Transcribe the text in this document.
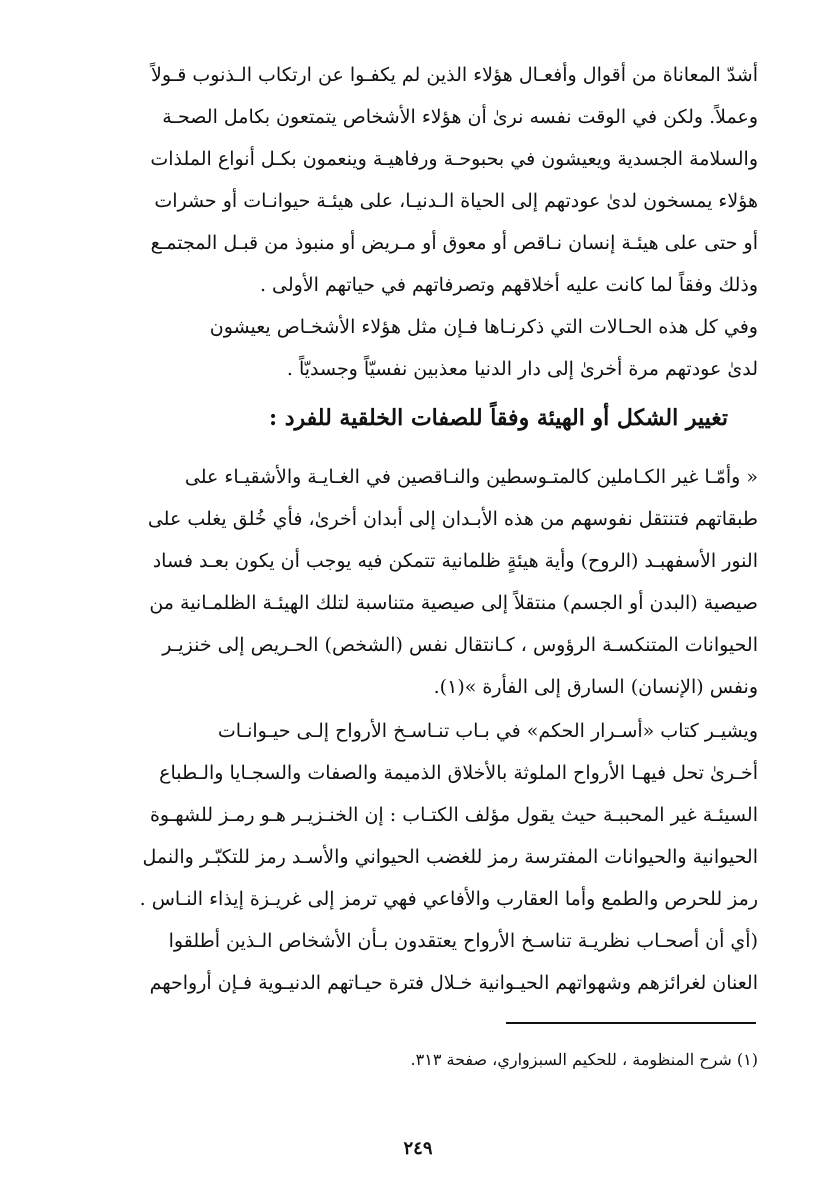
أشدّ المعاناة من أقوال وأفعـال هؤلاء الذين لم يكفـوا عن ارتكاب الـذنوب قـولاً
وعملاً. ولكن في الوقت نفسه نرىٰ أن هؤلاء الأشخاص يتمتعون بكامل الصحـة
والسلامة الجسدية ويعيشون في بحبوحـة ورفاهيـة وينعمون بكـل أنواع الملذات
هؤلاء يمسخون لدىٰ عودتهم إلى الحياة الـدنيـا، على هيئـة حيوانـات أو حشرات
أو حتى على هيئـة إنسان نـاقص أو معوق أو مـريض أو منبوذ من قبـل المجتمـع
وذلك وفقاً لما كانت عليه أخلاقهم وتصرفاتهم في حياتهم الأولى .
وفي كل هذه الحـالات التي ذكرنـاها فـإن مثل هؤلاء الأشخـاص يعيشون
لدىٰ عودتهم مرة أخرىٰ إلى دار الدنيا معذبين نفسيّاً وجسديّاً .
تغيير الشكل أو الهيئة وفقاً للصفات الخلقية للفرد :
« وأمّـا غير الكـاملين كالمتـوسطين والنـاقصين في الغـايـة والأشقيـاء على
طبقاتهم فتنتقل نفوسهم من هذه الأبـدان إلى أبدان أخرىٰ، فأي خُلق يغلب على
النور الأسفهبـد (الروح) وأية هيئةٍ ظلمانية تتمكن فيه يوجب أن يكون بعـد فساد
صيصية (البدن أو الجسم) منتقلاً إلى صيصية متناسبة لتلك الهيئـة الظلمـانية من
الحيوانات المتنكسـة الرؤوس ، كـانتقال نفس (الشخص) الحـريص إلى خنزيـر
ونفس (الإنسان) السارق إلى الفأرة »(١).
ويشيـر كتاب «أسـرار الحكم» في بـاب تنـاسـخ الأرواح إلـى حيـوانـات
أخـرىٰ تحل فيهـا الأرواح الملوثة بالأخلاق الذميمة والصفات والسجـايا والـطباع
السيئـة غير المحببـة حيث يقول مؤلف الكتـاب : إن الخنـزيـر هـو رمـز للشهـوة
الحيوانية والحيوانات المفترسة رمز للغضب الحيواني والأسـد رمز للتكبّـر والنمل
رمز للحرص والطمع وأما العقارب والأفاعي فهي ترمز إلى غريـزة إيذاء النـاس .
(أي أن أصحـاب نظريـة تناسـخ الأرواح يعتقدون بـأن الأشخاص الـذين أطلقوا
العنان لغرائزهم وشهواتهم الحيـوانية خـلال فترة حيـاتهم الدنيـوية فـإن أرواحهم
(١) شرح المنظومة ، للحكيم السبزواري، صفحة ٣١٣.
٢٤٩
